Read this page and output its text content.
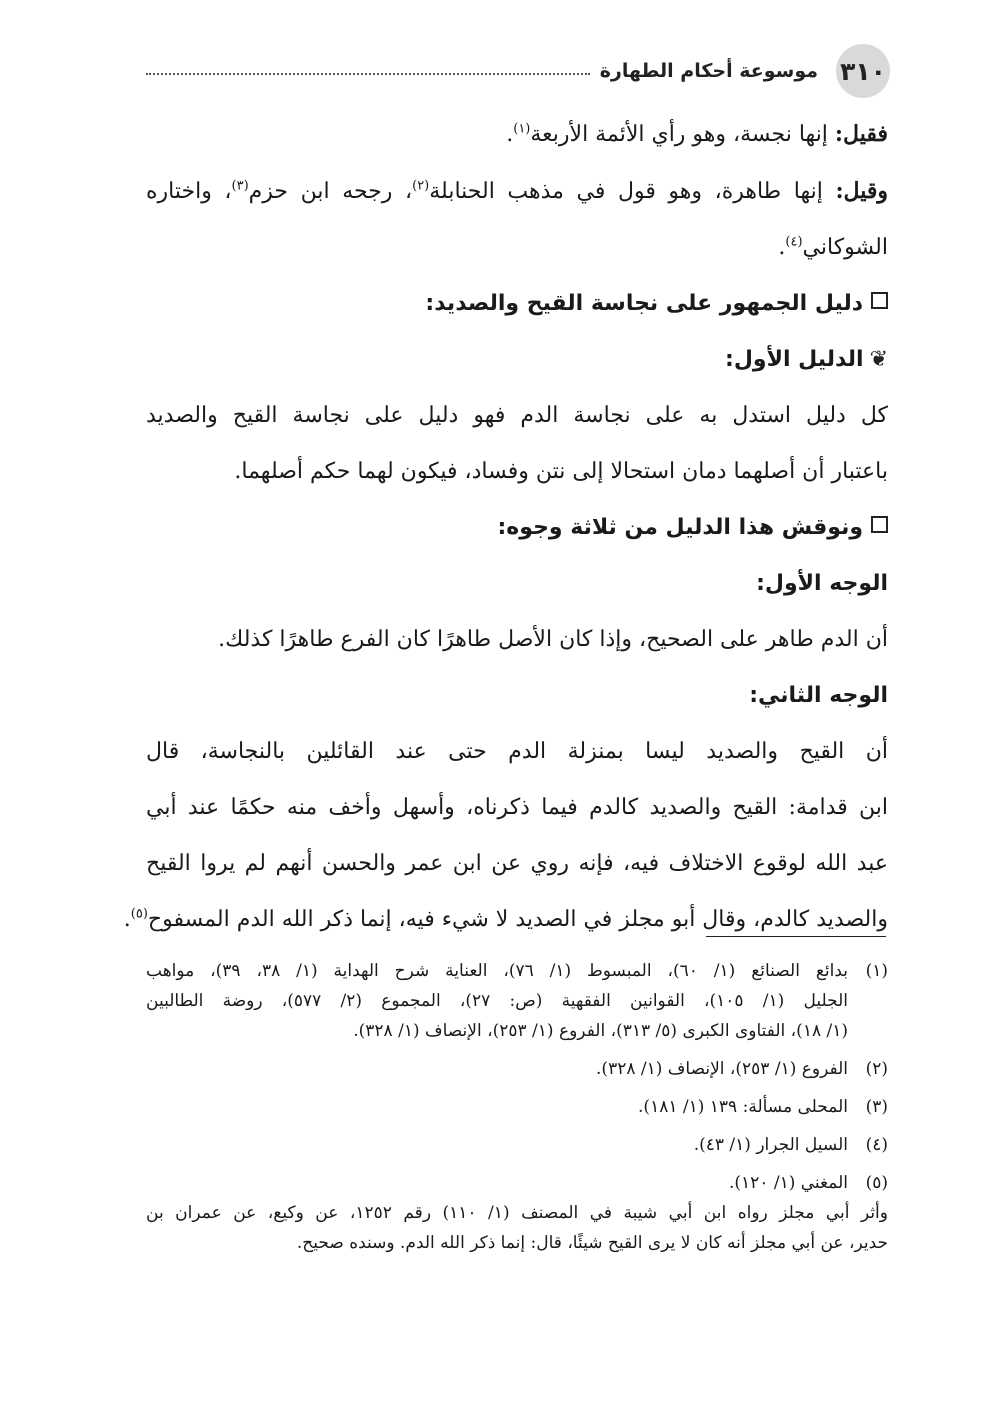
٣١٠
موسوعة أحكام الطهارة
فقيل: إنها نجسة، وهو رأي الأئمة الأربعة$^{(١)}$.
وقيل: إنها طاهرة، وهو قول في مذهب الحنابلة$^{(٢)}$، رجحه ابن حزم$^{(٣)}$، واختاره
الشوكاني$^{(٤)}$.
دليل الجمهور على نجاسة القيح والصديد:
❦الدليل الأول:
كل دليل استدل به على نجاسة الدم فهو دليل على نجاسة القيح والصديد
باعتبار أن أصلهما دمان استحالا إلى نتن وفساد، فيكون لهما حكم أصلهما.
ونوقش هذا الدليل من ثلاثة وجوه:
الوجه الأول:
أن الدم طاهر على الصحيح، وإذا كان الأصل طاهرًا كان الفرع طاهرًا كذلك.
الوجه الثاني:
أن القيح والصديد ليسا بمنزلة الدم حتى عند القائلين بالنجاسة، قال
ابن قدامة: القيح والصديد كالدم فيما ذكرناه، وأسهل وأخف منه حكمًا عند أبي
عبد الله لوقوع الاختلاف فيه، فإنه روي عن ابن عمر والحسن أنهم لم يروا القيح
والصديد كالدم، وقال أبو مجلز في الصديد لا شيء فيه، إنما ذكر الله الدم المسفوح$^{(٥)}$.
(١)
بدائع الصنائع (١/ ٦٠)، المبسوط (١/ ٧٦)، العناية شرح الهداية (١/ ٣٨، ٣٩)، مواهب
الجليل (١/ ١٠٥)، القوانين الفقهية (ص: ٢٧)، المجموع (٢/ ٥٧٧)، روضة الطالبين
(١/ ١٨)، الفتاوى الكبرى (٥/ ٣١٣)، الفروع (١/ ٢٥٣)، الإنصاف (١/ ٣٢٨).
(٢)
الفروع (١/ ٢٥٣)، الإنصاف (١/ ٣٢٨).
(٣)
المحلى مسألة: ١٣٩ (١/ ١٨١).
(٤)
السيل الجرار (١/ ٤٣).
(٥)
المغني (١/ ١٢٠).
وأثر أبي مجلز رواه ابن أبي شيبة في المصنف (١/ ١١٠) رقم ١٢٥٢، عن وكيع، عن عمران بن
حدير، عن أبي مجلز أنه كان لا يرى القيح شيئًا، قال: إنما ذكر الله الدم. وسنده صحيح.
